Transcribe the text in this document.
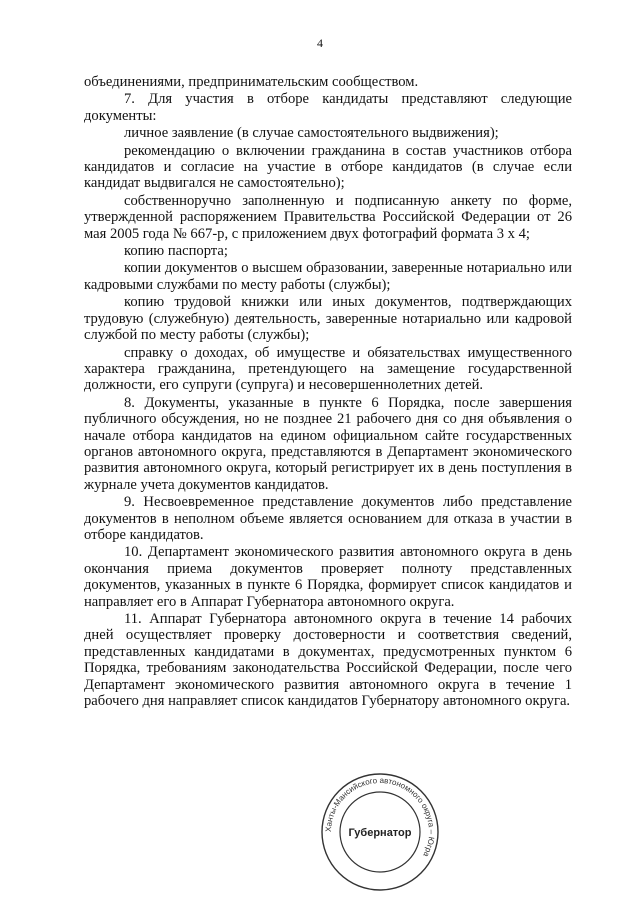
4

объединениями, предпринимательским сообществом.

7. Для участия в отборе кандидаты представляют следующие документы:

личное заявление (в случае самостоятельного выдвижения);

рекомендацию о включении гражданина в состав участников отбора кандидатов и согласие на участие в отборе кандидатов (в случае если кандидат выдвигался не самостоятельно);

собственноручно заполненную и подписанную анкету по форме, утвержденной распоряжением Правительства Российской Федерации от 26 мая 2005 года № 667-р, с приложением двух фотографий формата 3 х 4;

копию паспорта;

копии документов о высшем образовании, заверенные нотариально или кадровыми службами по месту работы (службы);

копию трудовой книжки или иных документов, подтверждающих трудовую (служебную) деятельность, заверенные нотариально или кадровой службой по месту работы (службы);

справку о доходах, об имуществе и обязательствах имущественного характера гражданина, претендующего на замещение государственной должности, его супруги (супруга) и несовершеннолетних детей.

8. Документы, указанные в пункте 6 Порядка, после завершения публичного обсуждения, но не позднее 21 рабочего дня со дня объявления о начале отбора кандидатов на едином официальном сайте государственных органов автономного округа, представляются в Департамент экономического развития автономного округа, который регистрирует их в день поступления в журнале учета документов кандидатов.

9. Несвоевременное представление документов либо представление документов в неполном объеме является основанием для отказа в участии в отборе кандидатов.

10. Департамент экономического развития автономного округа в день окончания приема документов проверяет полноту представленных документов, указанных в пункте 6 Порядка, формирует список кандидатов и направляет его в Аппарат Губернатора автономного округа.

11. Аппарат Губернатора автономного округа в течение 14 рабочих дней осуществляет проверку достоверности и соответствия сведений, представленных кандидатами в документах, предусмотренных пунктом 6 Порядка, требованиям законодательства Российской Федерации, после чего Департамент экономического развития автономного округа в течение 1 рабочего дня направляет список кандидатов Губернатору автономного округа.

Ханты-Мансийского автономного округа – Югра
Губернатор
